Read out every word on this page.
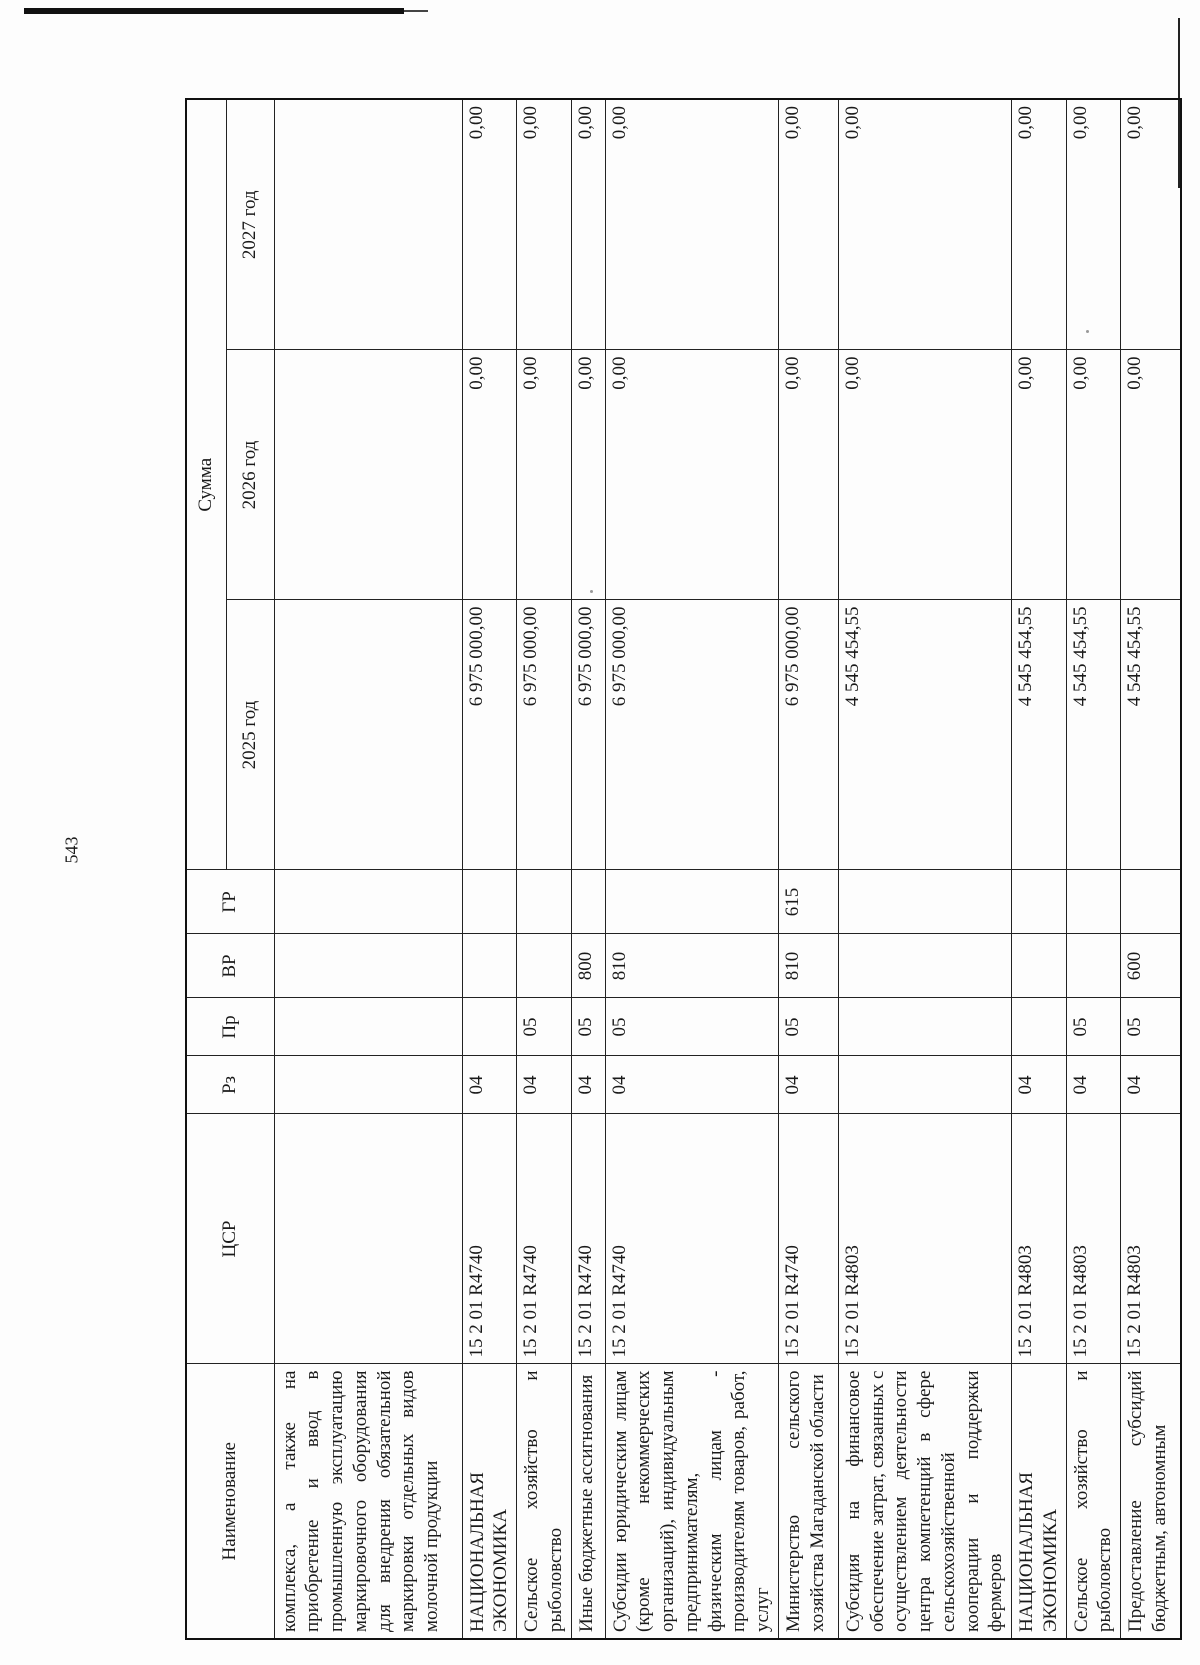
543
Наименование	ЦСР	Рз	Пр	ВР	ГР	Сумма		
						2025 год	2026 год	2027 год
комплекса, а также на приобретение и ввод в промышленную эксплуатацию маркировочного оборудования для внедрения обязательной маркировки отдельных видов молочной продукции								
НАЦИОНАЛЬНАЯ ЭКОНОМИКА	15 2 01 R4740	04				6 975 000,00	0,00	0,00
Сельское хозяйство и рыболовство	15 2 01 R4740	04	05			6 975 000,00	0,00	0,00
Иные бюджетные ассигнования	15 2 01 R4740	04	05	800		6 975 000,00	0,00	0,00
Субсидии юридическим лицам (кроме некоммерческих организаций), индивидуальным предпринимателям, физическим лицам - производителям товаров, работ, услуг	15 2 01 R4740	04	05	810		6 975 000,00	0,00	0,00
Министерство сельского хозяйства Магаданской области	15 2 01 R4740	04	05	810	615	6 975 000,00	0,00	0,00
Субсидия на финансовое обеспечение затрат, связанных с осуществлением деятельности центра компетенций в сфере сельскохозяйственной кооперации и поддержки фермеров	15 2 01 R4803					4 545 454,55	0,00	0,00
НАЦИОНАЛЬНАЯ ЭКОНОМИКА	15 2 01 R4803	04				4 545 454,55	0,00	0,00
Сельское хозяйство и рыболовство	15 2 01 R4803	04	05			4 545 454,55	0,00	0,00
Предоставление субсидий бюджетным, автономным	15 2 01 R4803	04	05	600		4 545 454,55	0,00	0,00
